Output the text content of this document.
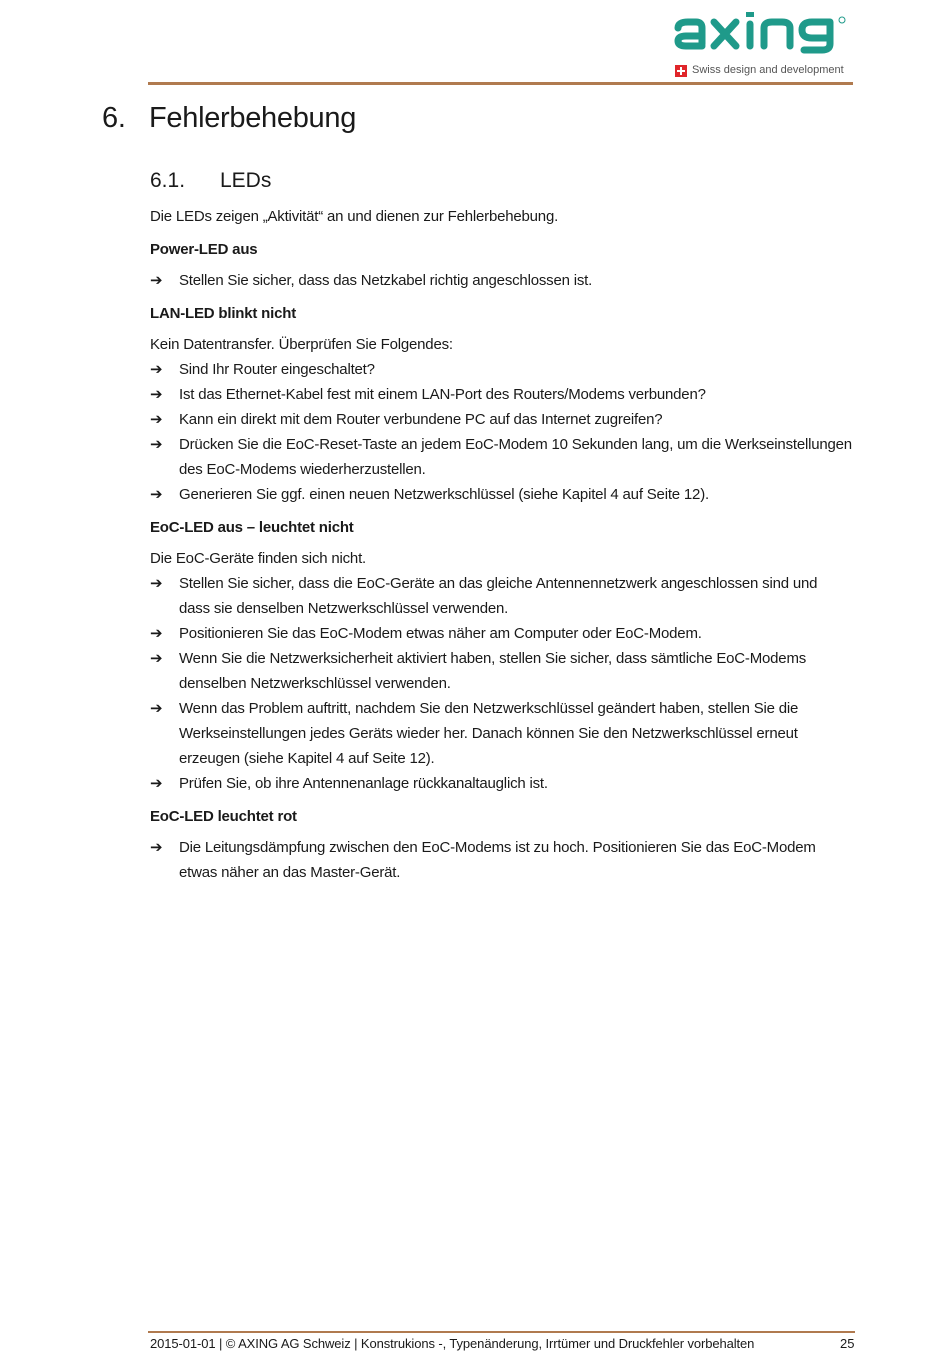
Swiss design and development
6. Fehlerbehebung
6.1. LEDs

Die LEDs zeigen „Aktivität“ an und dienen zur Fehlerbehebung.

Power-LED aus

➔ Stellen Sie sicher, dass das Netzkabel richtig angeschlossen ist.

LAN-LED blinkt nicht

Kein Datentransfer. Überprüfen Sie Folgendes:

➔ Sind Ihr Router eingeschaltet?
➔ Ist das Ethernet-Kabel fest mit einem LAN-Port des Routers/Modems verbunden?
➔ Kann ein direkt mit dem Router verbundene PC auf das Internet zugreifen?
➔ Drücken Sie die EoC-Reset-Taste an jedem EoC-Modem 10 Sekunden lang, um die Werkseinstellungen des EoC-Modems wiederherzustellen.
➔ Generieren Sie ggf. einen neuen Netzwerkschlüssel (siehe Kapitel 4 auf Seite 12).

EoC-LED aus – leuchtet nicht

Die EoC-Geräte finden sich nicht.

➔ Stellen Sie sicher, dass die EoC-Geräte an das gleiche Antennennetzwerk angeschlossen sind und dass sie denselben Netzwerkschlüssel verwenden.
➔ Positionieren Sie das EoC-Modem etwas näher am Computer oder EoC-Modem.
➔ Wenn Sie die Netzwerksicherheit aktiviert haben, stellen Sie sicher, dass sämtliche EoC-Modems denselben Netzwerkschlüssel verwenden.
➔ Wenn das Problem auftritt, nachdem Sie den Netzwerkschlüssel geändert haben, stellen Sie die Werkseinstellungen jedes Geräts wieder her. Danach können Sie den Netzwerkschlüssel erneut erzeugen (siehe Kapitel 4 auf Seite 12).
➔ Prüfen Sie, ob ihre Antennenanlage rückkanaltauglich ist.

EoC-LED leuchtet rot

➔ Die Leitungsdämpfung zwischen den EoC-Modems ist zu hoch. Positionieren Sie das EoC-Modem etwas näher an das Master-Gerät.
2015-01-01 | © AXING AG Schweiz | Konstrukions -, Typenänderung, Irrtümer und Druckfehler vorbehalten	25
